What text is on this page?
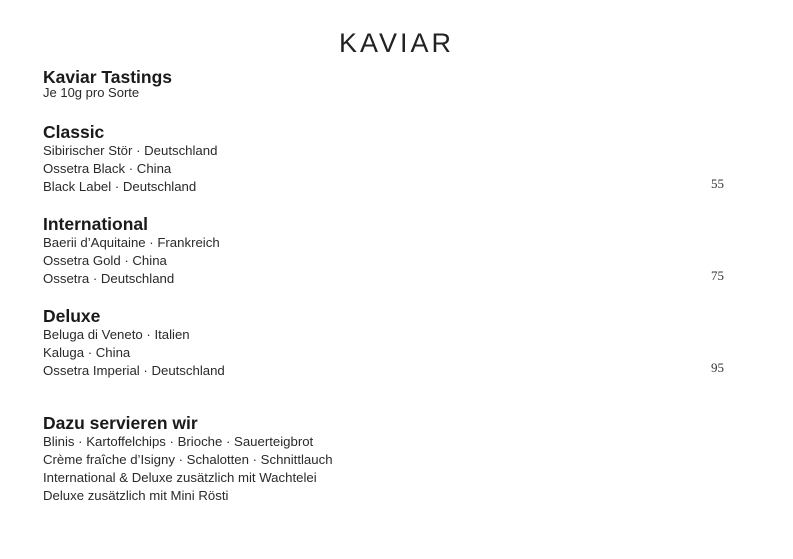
KAVIAR
Kaviar Tastings
Je 10g pro Sorte
Classic
Sibirischer Stör · Deutschland
Ossetra Black · China
Black Label · Deutschland	55
International
Baerii d’Aquitaine · Frankreich
Ossetra Gold · China
Ossetra · Deutschland	75
Deluxe
Beluga di Veneto · Italien
Kaluga · China
Ossetra Imperial · Deutschland	95
Dazu servieren wir
Blinis · Kartoffelchips · Brioche · Sauerteigbrot
Crème fraîche d’Isigny · Schalotten · Schnittlauch
International & Deluxe zusätzlich mit Wachtelei
Deluxe zusätzlich mit Mini Rösti
